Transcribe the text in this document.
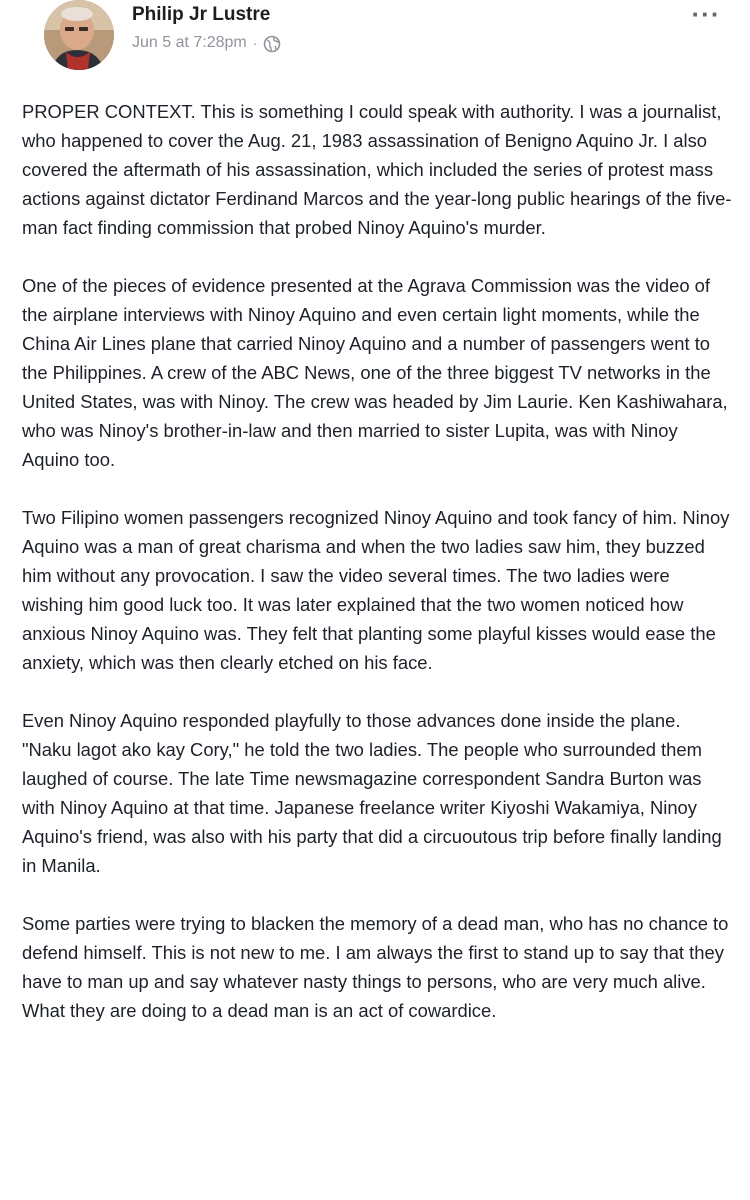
Philip Jr Lustre
Jun 5 at 7:28pm ·
···

PROPER CONTEXT. This is something I could speak with authority. I was a journalist, who happened to cover the Aug. 21, 1983 assassination of Benigno Aquino Jr. I also covered the aftermath of his assassination, which included the series of protest mass actions against dictator Ferdinand Marcos and the year-long public hearings of the five-man fact finding commission that probed Ninoy Aquino's murder.

One of the pieces of evidence presented at the Agrava Commission was the video of the airplane interviews with Ninoy Aquino and even certain light moments, while the China Air Lines plane that carried Ninoy Aquino and a number of passengers went to the Philippines. A crew of the ABC News, one of the three biggest TV networks in the United States, was with Ninoy. The crew was headed by Jim Laurie. Ken Kashiwahara, who was Ninoy's brother-in-law and then married to sister Lupita, was with Ninoy Aquino too.

Two Filipino women passengers recognized Ninoy Aquino and took fancy of him. Ninoy Aquino was a man of great charisma and when the two ladies saw him, they buzzed him without any provocation. I saw the video several times. The two ladies were wishing him good luck too. It was later explained that the two women noticed how anxious Ninoy Aquino was. They felt that planting some playful kisses would ease the anxiety, which was then clearly etched on his face.

Even Ninoy Aquino responded playfully to those advances done inside the plane. "Naku lagot ako kay Cory," he told the two ladies. The people who surrounded them laughed of course. The late Time newsmagazine correspondent Sandra Burton was with Ninoy Aquino at that time. Japanese freelance writer Kiyoshi Wakamiya, Ninoy Aquino's friend, was also with his party that did a circuoutous trip before finally landing in Manila.

Some parties were trying to blacken the memory of a dead man, who has no chance to defend himself. This is not new to me. I am always the first to stand up to say that they have to man up and say whatever nasty things to persons, who are very much alive. What they are doing to a dead man is an act of cowardice.
